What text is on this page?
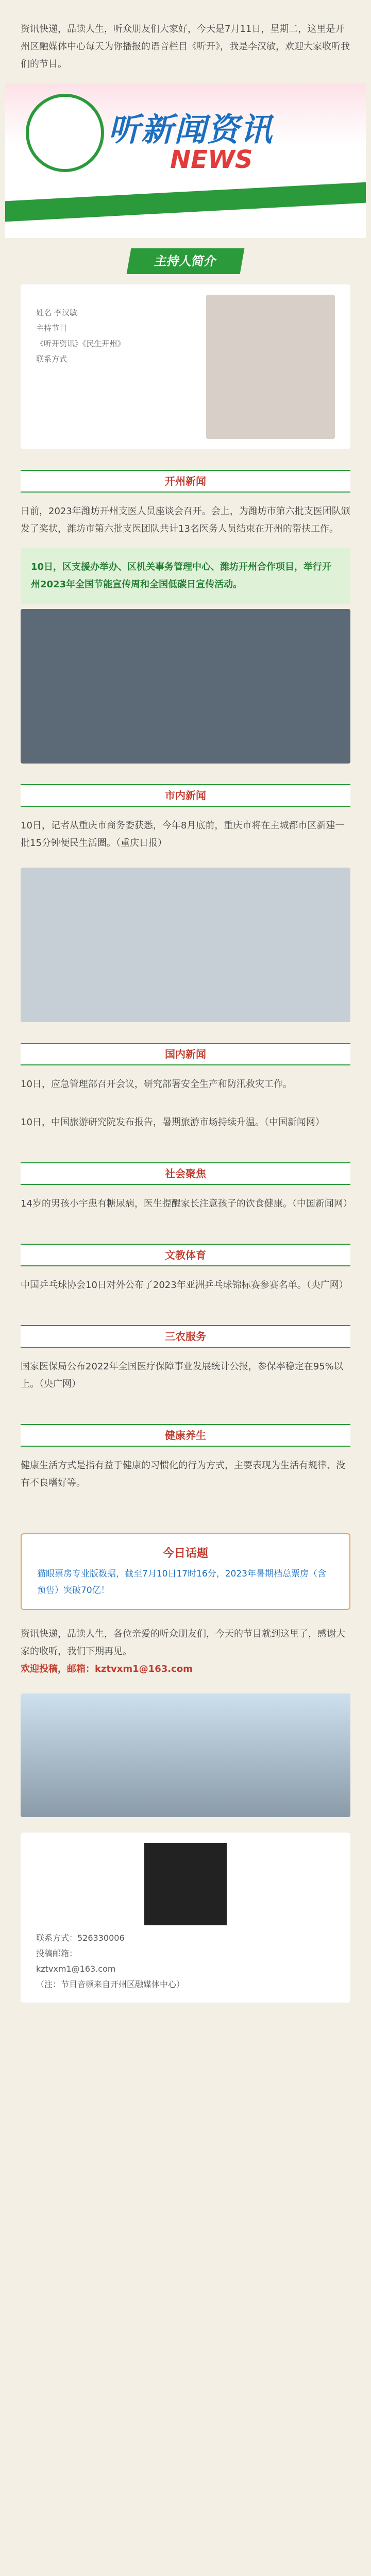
资讯快递，品读人生，听众朋友们大家好，今天是7月11日，星期二，这里是开州区融媒体中心每天为你播报的语音栏目《听开》，我是李汉敏，欢迎大家收听我们的节目。
听新闻资讯
NEWS
主持人简介
姓名 李汉敏
主持节目
《听开资讯》《民生开州》
联系方式
开州新闻
日前，2023年潍坊开州支医人员座谈会召开。会上，为潍坊市第六批支医团队颁发了奖状，潍坊市第六批支医团队共计13名医务人员结束在开州的帮扶工作。
10日，区支援办举办、区机关事务管理中心、潍坊开州合作项目，举行开州2023年全国节能宣传周和全国低碳日宣传活动。
市内新闻
10日，记者从重庆市商务委获悉，今年8月底前，重庆市将在主城都市区新建一批15分钟便民生活圈。（重庆日报）
国内新闻
10日，应急管理部召开会议，研究部署安全生产和防汛救灾工作。
10日，中国旅游研究院发布报告，暑期旅游市场持续升温。（中国新闻网）
社会聚焦
14岁的男孩小宇患有糖尿病，医生提醒家长注意孩子的饮食健康。（中国新闻网）
文教体育
中国乒乓球协会10日对外公布了2023年亚洲乒乓球锦标赛参赛名单。（央广网）
三农服务
国家医保局公布2022年全国医疗保障事业发展统计公报，参保率稳定在95%以上。（央广网）
健康养生
健康生活方式是指有益于健康的习惯化的行为方式，主要表现为生活有规律、没有不良嗜好等。
今日话题
猫眼票房专业版数据，截至7月10日17时16分，2023年暑期档总票房（含预售）突破70亿！
资讯快递，品读人生，各位亲爱的听众朋友们，今天的节目就到这里了，感谢大家的收听，我们下期再见。
欢迎投稿，邮箱：kztvxm1@163.com
联系方式：526330006
投稿邮箱：
kztvxm1@163.com
（注：节目音频来自开州区融媒体中心）
